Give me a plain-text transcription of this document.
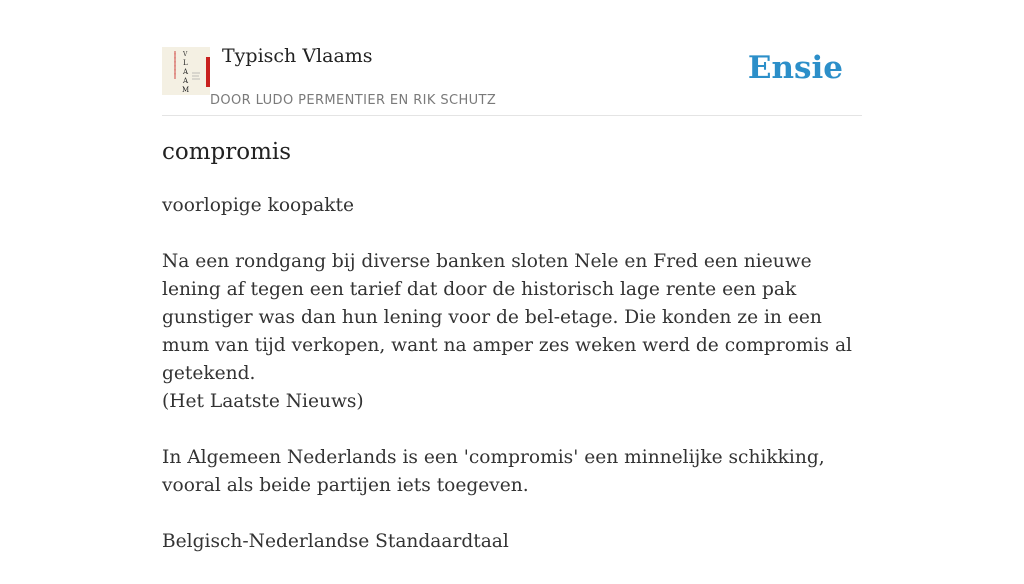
V
L
A
A
M
Typisch Vlaams
DOOR LUDO PERMENTIER EN RIK SCHUTZ
Ensie
compromis

voorlopige koopakte

Na een rondgang bij diverse banken sloten Nele en Fred een nieuwe lening af tegen een tarief dat door de historisch lage rente een pak gunstiger was dan hun lening voor de bel-etage. Die konden ze in een mum van tijd verkopen, want na amper zes weken werd de compromis al getekend.
(Het Laatste Nieuws)

In Algemeen Nederlands is een 'compromis' een minnelijke schikking, vooral als beide partijen iets toegeven.

Belgisch-Nederlandse Standaardtaal
